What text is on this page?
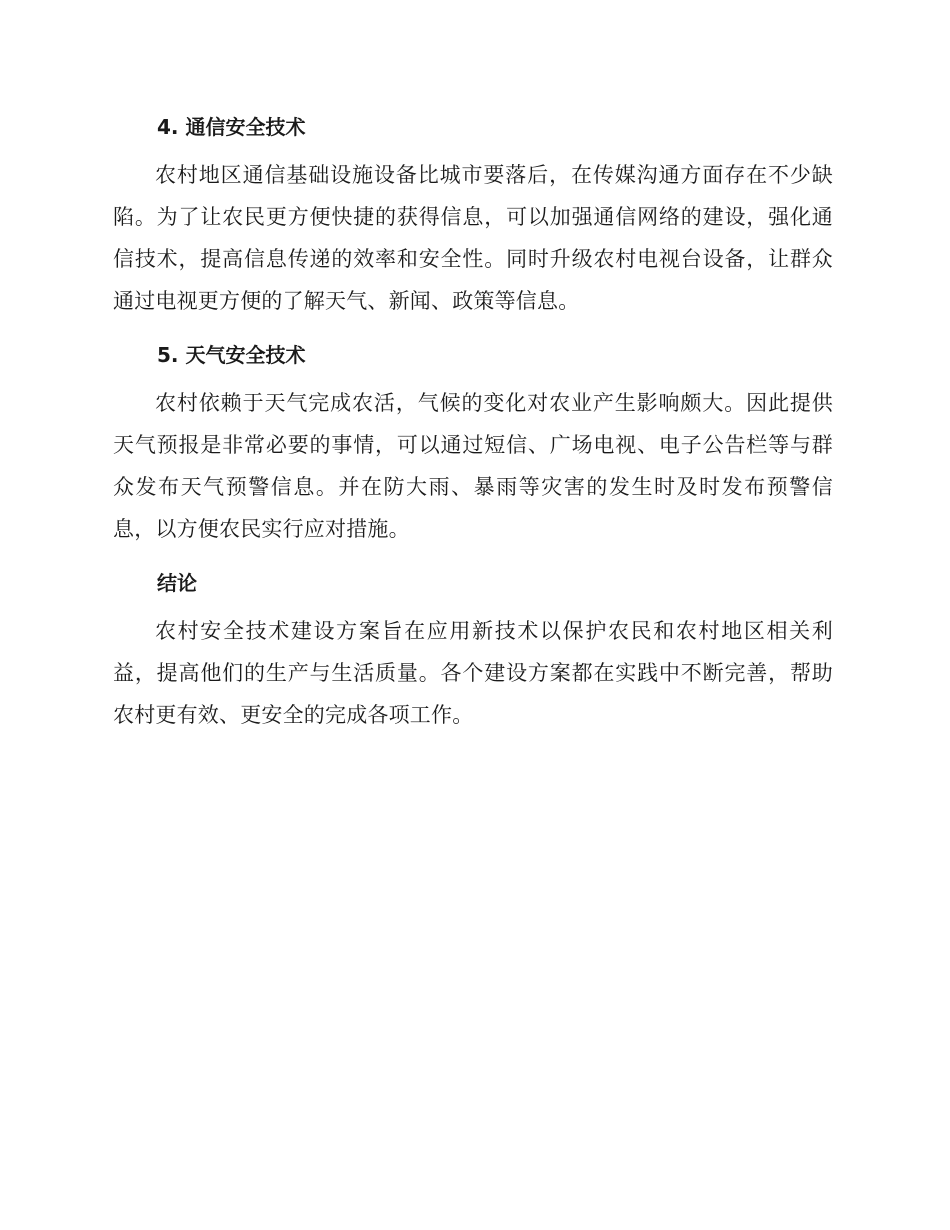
4. 通信安全技术

农村地区通信基础设施设备比城市要落后，在传媒沟通方面存在不少缺陷。为了让农民更方便快捷的获得信息，可以加强通信网络的建设，强化通信技术，提高信息传递的效率和安全性。同时升级农村电视台设备，让群众通过电视更方便的了解天气、新闻、政策等信息。

5. 天气安全技术

农村依赖于天气完成农活，气候的变化对农业产生影响颇大。因此提供天气预报是非常必要的事情，可以通过短信、广场电视、电子公告栏等与群众发布天气预警信息。并在防大雨、暴雨等灾害的发生时及时发布预警信息，以方便农民实行应对措施。

结论

农村安全技术建设方案旨在应用新技术以保护农民和农村地区相关利益，提高他们的生产与生活质量。各个建设方案都在实践中不断完善，帮助农村更有效、更安全的完成各项工作。
